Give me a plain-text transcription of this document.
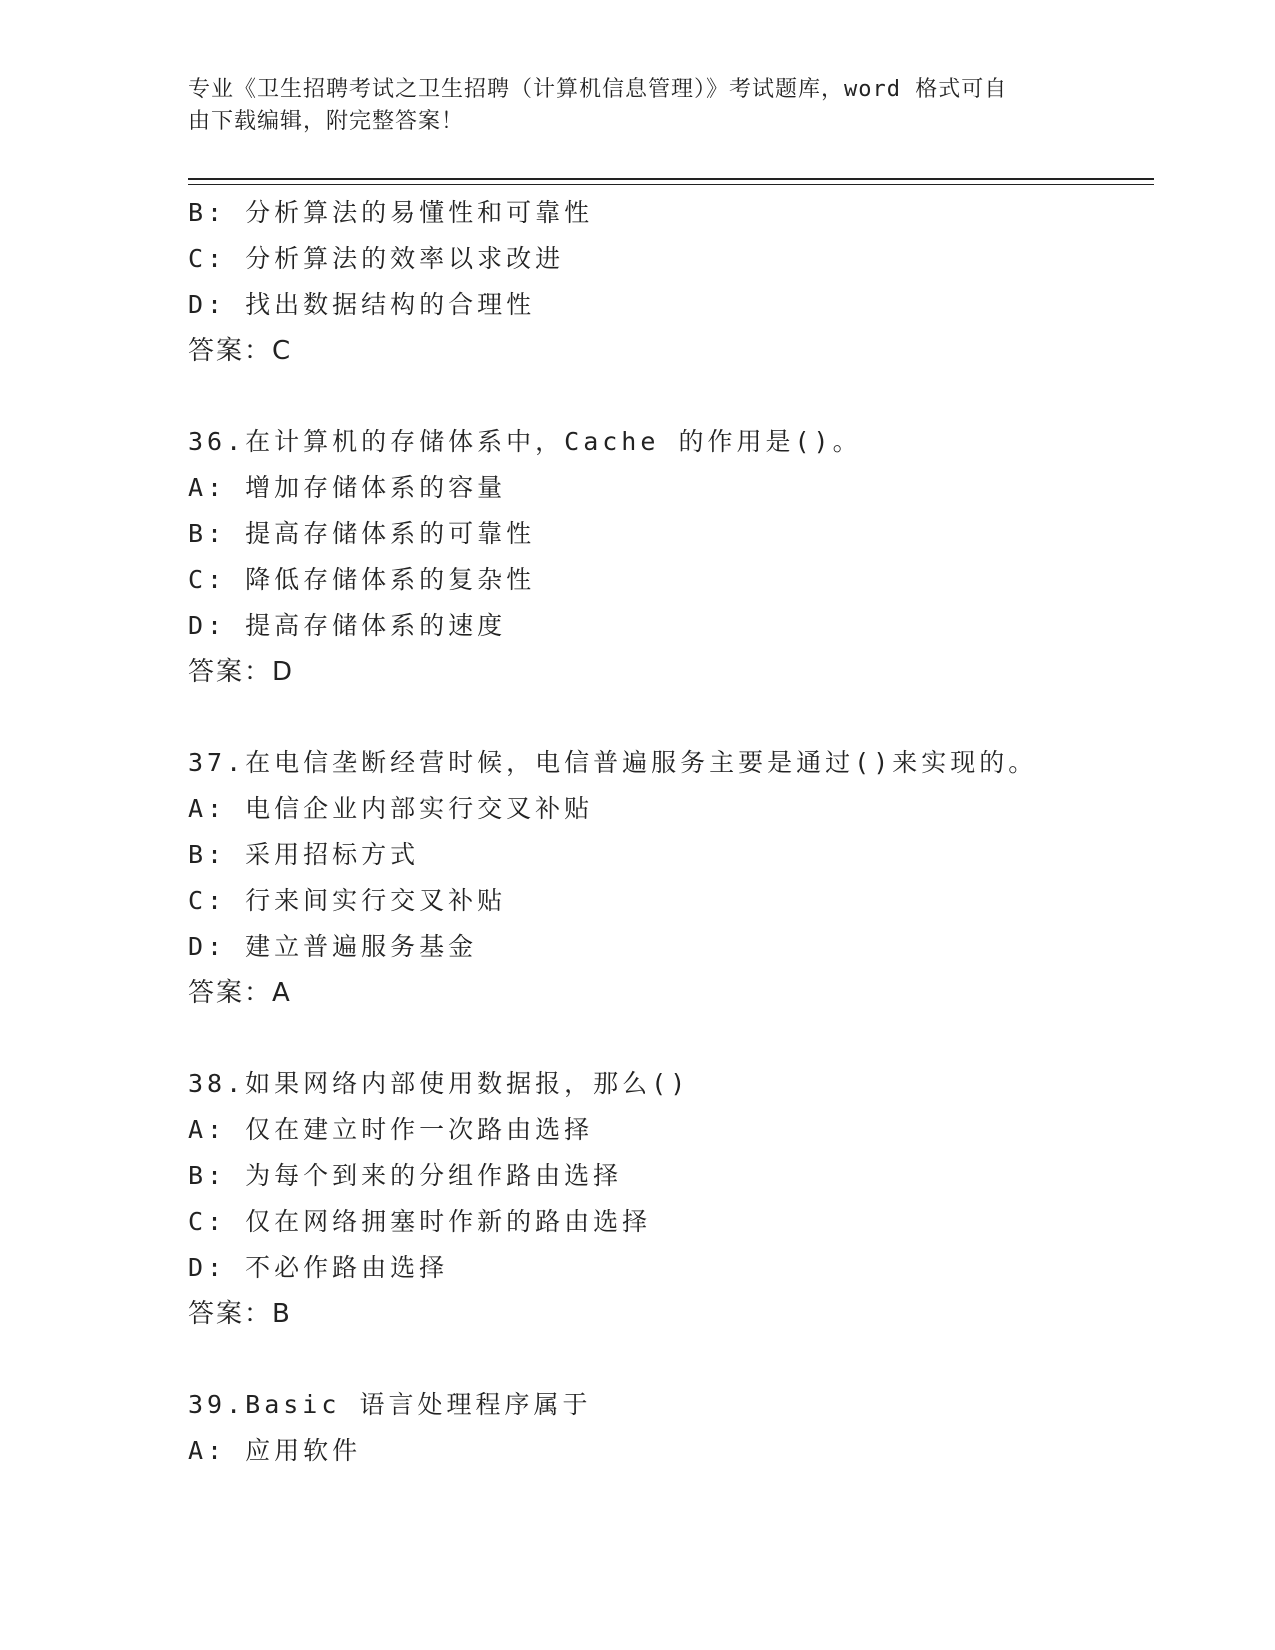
专业《卫生招聘考试之卫生招聘（计算机信息管理）》考试题库，word 格式可自
由下载编辑，附完整答案！
B: 分析算法的易懂性和可靠性
C: 分析算法的效率以求改进
D: 找出数据结构的合理性
答案：C
36.在计算机的存储体系中，Cache 的作用是()。
A: 增加存储体系的容量
B: 提高存储体系的可靠性
C: 降低存储体系的复杂性
D: 提高存储体系的速度
答案：D
37.在电信垄断经营时候，电信普遍服务主要是通过()来实现的。
A: 电信企业内部实行交叉补贴
B: 采用招标方式
C: 行来间实行交叉补贴
D: 建立普遍服务基金
答案：A
38.如果网络内部使用数据报，那么()
A: 仅在建立时作一次路由选择
B: 为每个到来的分组作路由选择
C: 仅在网络拥塞时作新的路由选择
D: 不必作路由选择
答案：B
39.Basic 语言处理程序属于
A: 应用软件
